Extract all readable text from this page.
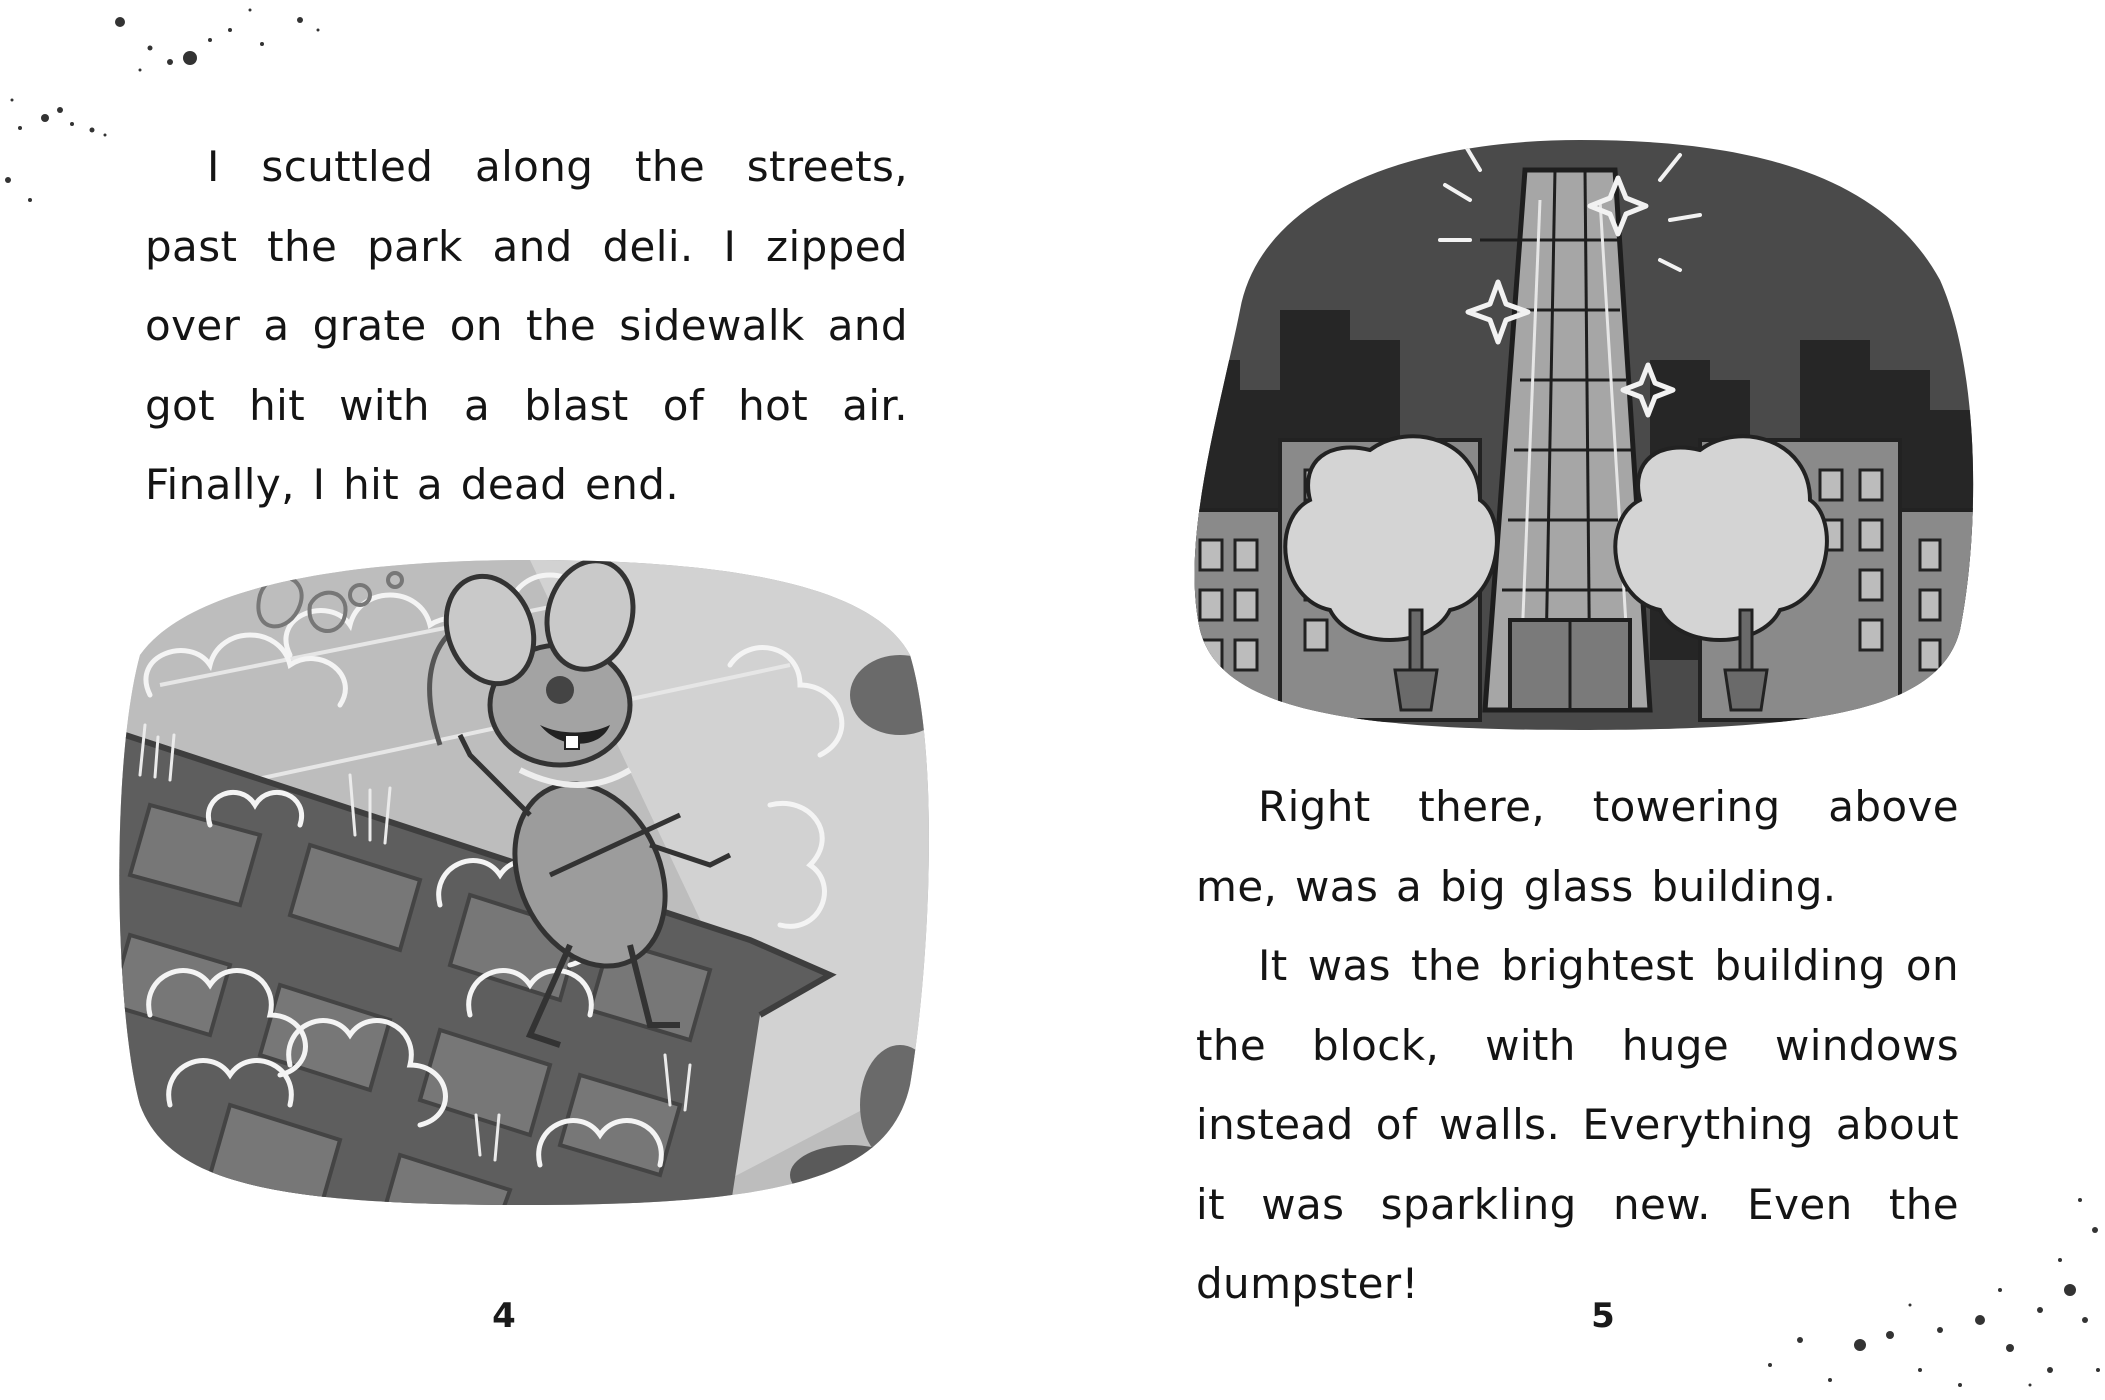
I scuttled along the streets, past the park and deli. I zipped over a grate on the sidewalk and got hit with a blast of hot air. Finally, I hit a dead end.
4

Right there, towering above me, was a big glass building.

It was the brightest building on the block, with huge windows instead of walls. Everything about it was sparkling new. Even the dumpster!

5
